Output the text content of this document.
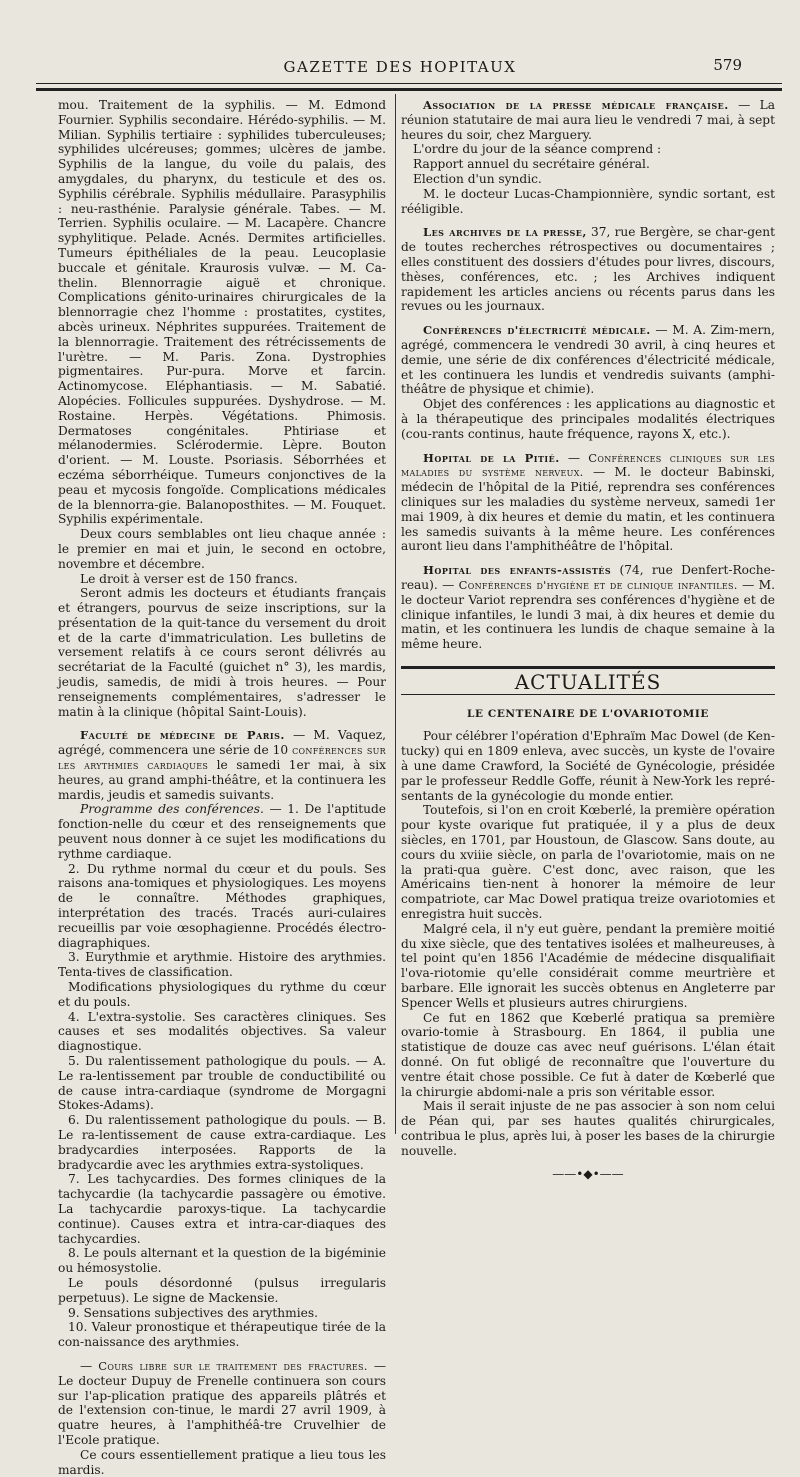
GAZETTE DES HOPITAUX	579

mou. Traitement de la syphilis. — M. Edmond Fournier. Syphilis secondaire. Hérédo-syphilis. — M. Milian. Syphilis tertiaire : syphilides tuberculeuses; syphilides ulcéreuses; gommes; ulcères de jambe. Syphilis de la langue, du voile du palais, des amygdales, du pharynx, du testicule et des os. Syphilis cérébrale. Syphilis médullaire. Parasyphilis : neu-rasthénie. Paralysie générale. Tabes. — M. Terrien. Syphilis oculaire. — M. Lacapère. Chancre syphylitique. Pelade. Acnés. Dermites artificielles. Tumeurs épithéliales de la peau. Leucoplasie buccale et génitale. Kraurosis vulvæ. — M. Ca-thelin. Blennorragie aiguë et chronique. Complications génito-urinaires chirurgicales de la blennorragie chez l'homme : prostatites, cystites, abcès urineux. Néphrites suppurées. Traitement de la blennorragie. Traitement des rétrécissements de l'urètre. — M. Paris. Zona. Dystrophies pigmentaires. Pur-pura. Morve et farcin. Actinomycose. Eléphantiasis. — M. Sabatié. Alopécies. Follicules suppurées. Dyshydrose. — M. Rostaine. Herpès. Végétations. Phimosis. Dermatoses congénitales. Phtiriase et mélanodermies. Sclérodermie. Lèpre. Bouton d'orient. — M. Louste. Psoriasis. Séborrhées et eczéma séborrhéique. Tumeurs conjonctives de la peau et mycosis fongoïde. Complications médicales de la blennorra-gie. Balanoposthites. — M. Fouquet. Syphilis expérimentale.

Deux cours semblables ont lieu chaque année : le premier en mai et juin, le second en octobre, novembre et décembre.

Le droit à verser est de 150 francs.

Seront admis les docteurs et étudiants français et étrangers, pourvus de seize inscriptions, sur la présentation de la quit-tance du versement du droit et de la carte d'immatriculation. Les bulletins de versement relatifs à ce cours seront délivrés au secrétariat de la Faculté (guichet n° 3), les mardis, jeudis, samedis, de midi à trois heures. — Pour renseignements complémentaires, s'adresser le matin à la clinique (hôpital Saint-Louis).

Faculté de médecine de Paris. — M. Vaquez, agrégé, commencera une série de 10 conférences sur les arythmies cardiaques le samedi 1er mai, à six heures, au grand amphi-théâtre, et la continuera les mardis, jeudis et samedis suivants.

Programme des conférences. — 1. De l'aptitude fonction-nelle du cœur et des renseignements que peuvent nous donner à ce sujet les modifications du rythme cardiaque.

2. Du rythme normal du cœur et du pouls. Ses raisons ana-tomiques et physiologiques. Les moyens de le connaître. Méthodes graphiques, interprétation des tracés. Tracés auri-culaires recueillis par voie œsophagienne. Procédés électro-diagraphiques.

3. Eurythmie et arythmie. Histoire des arythmies. Tenta-tives de classification.

Modifications physiologiques du rythme du cœur et du pouls.

4. L'extra-systolie. Ses caractères cliniques. Ses causes et ses modalités objectives. Sa valeur diagnostique.

5. Du ralentissement pathologique du pouls. — A. Le ra-lentissement par trouble de conductibilité ou de cause intra-cardiaque (syndrome de Morgagni Stokes-Adams).

6. Du ralentissement pathologique du pouls. — B. Le ra-lentissement de cause extra-cardiaque. Les bradycardies interposées. Rapports de la bradycardie avec les arythmies extra-systoliques.

7. Les tachycardies. Des formes cliniques de la tachycardie (la tachycardie passagère ou émotive. La tachycardie paroxys-tique. La tachycardie continue). Causes extra et intra-car-diaques des tachycardies.

8. Le pouls alternant et la question de la bigéminie ou hémosystolie.

Le pouls désordonné (pulsus irregularis perpetuus). Le signe de Mackensie.

9. Sensations subjectives des arythmies.

10. Valeur pronostique et thérapeutique tirée de la con-naissance des arythmies.

— Cours libre sur le traitement des fractures. — Le docteur Dupuy de Frenelle continuera son cours sur l'ap-plication pratique des appareils plâtrés et de l'extension con-tinue, le mardi 27 avril 1909, à quatre heures, à l'amphithéâ-tre Cruvelhier de l'Ecole pratique.

Ce cours essentiellement pratique a lieu tous les mardis.

Association de la presse médicale française. — La réunion statutaire de mai aura lieu le vendredi 7 mai, à sept heures du soir, chez Marguery.

L'ordre du jour de la séance comprend :

Rapport annuel du secrétaire général.

Election d'un syndic.

M. le docteur Lucas-Championnière, syndic sortant, est rééligible.

Les archives de la presse, 37, rue Bergère, se char-gent de toutes recherches rétrospectives ou documentaires ; elles constituent des dossiers d'études pour livres, discours, thèses, conférences, etc. ; les Archives indiquent rapidement les articles anciens ou récents parus dans les revues ou les journaux.

Conférences d'électricité médicale. — M. A. Zim-mern, agrégé, commencera le vendredi 30 avril, à cinq heures et demie, une série de dix conférences d'électricité médicale, et les continuera les lundis et vendredis suivants (amphi-théâtre de physique et chimie).

Objet des conférences : les applications au diagnostic et à la thérapeutique des principales modalités électriques (cou-rants continus, haute fréquence, rayons X, etc.).

Hopital de la Pitié. — Conférences cliniques sur les maladies du système nerveux. — M. le docteur Babinski, médecin de l'hôpital de la Pitié, reprendra ses conférences cliniques sur les maladies du système nerveux, samedi 1er mai 1909, à dix heures et demie du matin, et les continuera les samedis suivants à la même heure. Les conférences auront lieu dans l'amphithéâtre de l'hôpital.

Hopital des enfants-assistés (74, rue Denfert-Roche-reau). — Conférences d'hygiène et de clinique infantiles. — M. le docteur Variot reprendra ses conférences d'hygiène et de clinique infantiles, le lundi 3 mai, à dix heures et demie du matin, et les continuera les lundis de chaque semaine à la même heure.

ACTUALITÉS
LE CENTENAIRE DE L'OVARIOTOMIE

Pour célébrer l'opération d'Ephraïm Mac Dowel (de Ken-tucky) qui en 1809 enleva, avec succès, un kyste de l'ovaire à une dame Crawford, la Société de Gynécologie, présidée par le professeur Reddle Goffe, réunit à New-York les repré-sentants de la gynécologie du monde entier.

Toutefois, si l'on en croit Kœberlé, la première opération pour kyste ovarique fut pratiquée, il y a plus de deux siècles, en 1701, par Houstoun, de Glascow. Sans doute, au cours du xviiie siècle, on parla de l'ovariotomie, mais on ne la prati-qua guère. C'est donc, avec raison, que les Américains tien-nent à honorer la mémoire de leur compatriote, car Mac Dowel pratiqua treize ovariotomies et enregistra huit succès.

Malgré cela, il n'y eut guère, pendant la première moitié du xixe siècle, que des tentatives isolées et malheureuses, à tel point qu'en 1856 l'Académie de médecine disqualifiait l'ova-riotomie qu'elle considérait comme meurtrière et barbare. Elle ignorait les succès obtenus en Angleterre par Spencer Wells et plusieurs autres chirurgiens.

Ce fut en 1862 que Kœberlé pratiqua sa première ovario-tomie à Strasbourg. En 1864, il publia une statistique de douze cas avec neuf guérisons. L'élan était donné. On fut obligé de reconnaître que l'ouverture du ventre était chose possible. Ce fut à dater de Kœberlé que la chirurgie abdomi-nale a pris son véritable essor.

Mais il serait injuste de ne pas associer à son nom celui de Péan qui, par ses hautes qualités chirurgicales, contribua le plus, après lui, à poser les bases de la chirurgie nouvelle.

——•◆•——
